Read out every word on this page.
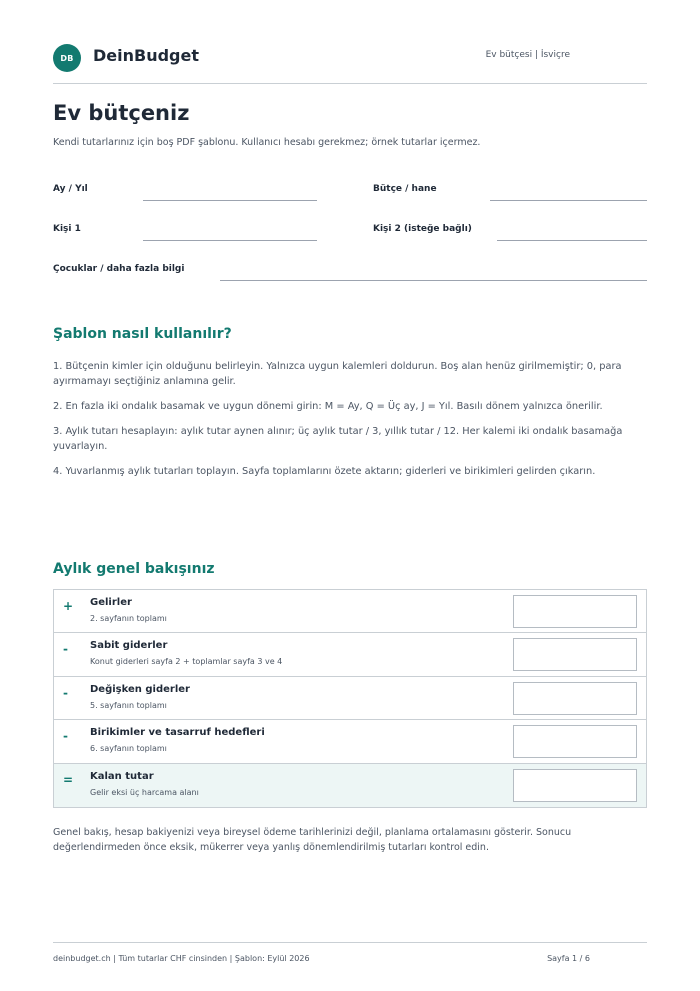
DB	DeinBudget	Ev bütçesi | İsviçre
Ev bütçeniz
Kendi tutarlarınız için boş PDF şablonu. Kullanıcı hesabı gerekmez; örnek tutarlar içermez.
Ay / Yıl	Bütçe / hane
Kişi 1	Kişi 2 (isteğe bağlı)
Çocuklar / daha fazla bilgi
Şablon nasıl kullanılır?
1. Bütçenin kimler için olduğunu belirleyin. Yalnızca uygun kalemleri doldurun. Boş alan henüz girilmemiştir; 0, para ayırmamayı seçtiğiniz anlamına gelir.
2. En fazla iki ondalık basamak ve uygun dönemi girin: M = Ay, Q = Üç ay, J = Yıl. Basılı dönem yalnızca önerilir.
3. Aylık tutarı hesaplayın: aylık tutar aynen alınır; üç aylık tutar / 3, yıllık tutar / 12. Her kalemi iki ondalık basamağa yuvarlayın.
4. Yuvarlanmış aylık tutarları toplayın. Sayfa toplamlarını özete aktarın; giderleri ve birikimleri gelirden çıkarın.
Aylık genel bakışınız
+ Gelirler
2. sayfanın toplamı
- Sabit giderler
Konut giderleri sayfa 2 + toplamlar sayfa 3 ve 4
- Değişken giderler
5. sayfanın toplamı
- Birikimler ve tasarruf hedefleri
6. sayfanın toplamı
= Kalan tutar
Gelir eksi üç harcama alanı
Genel bakış, hesap bakiyenizi veya bireysel ödeme tarihlerinizi değil, planlama ortalamasını gösterir. Sonucu değerlendirmeden önce eksik, mükerrer veya yanlış dönemlendirilmiş tutarları kontrol edin.
deinbudget.ch | Tüm tutarlar CHF cinsinden | Şablon: Eylül 2026	Sayfa 1 / 6
